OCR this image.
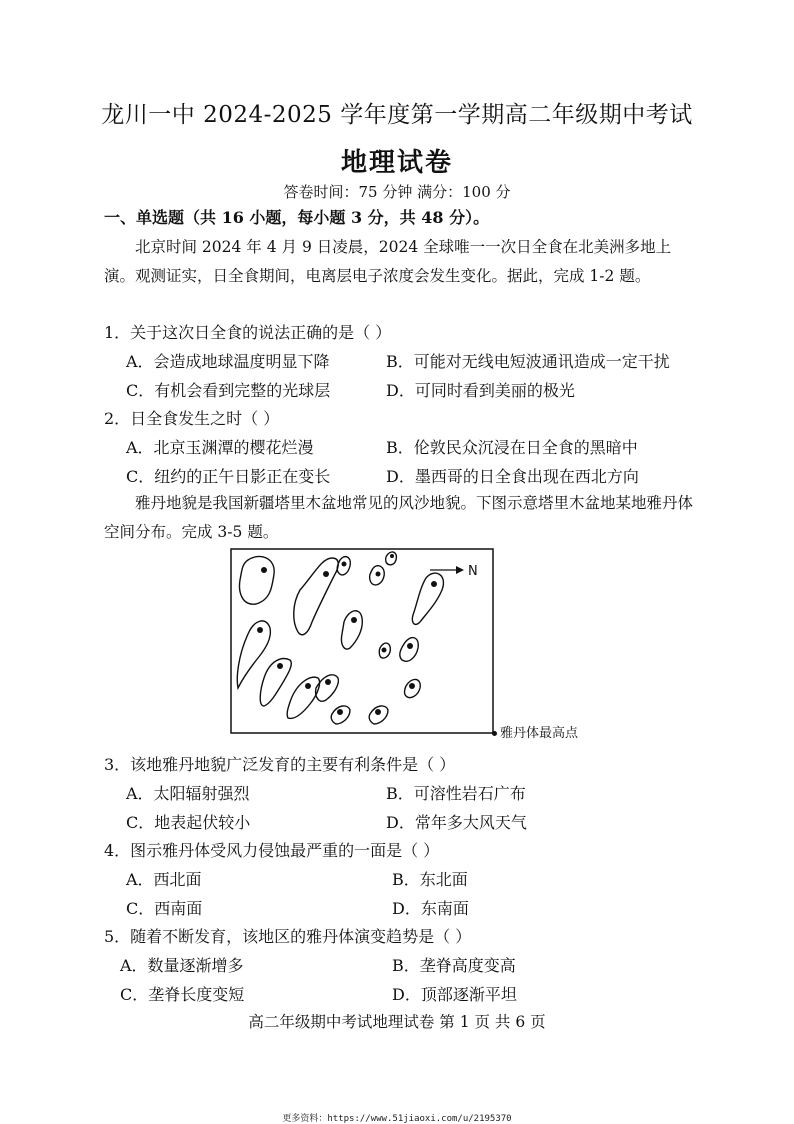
龙川一中 2024-2025 学年度第一学期高二年级期中考试
地理试卷
答卷时间：75 分钟 满分：100 分
一、单选题（共 16 小题，每小题 3 分，共 48 分）。
北京时间 2024 年 4 月 9 日凌晨，2024 全球唯一一次日全食在北美洲多地上演。观测证实，日全食期间，电离层电子浓度会发生变化。据此，完成 1-2 题。
1．关于这次日全食的说法正确的是（ ）
A．会造成地球温度明显下降	B．可能对无线电短波通讯造成一定干扰
C．有机会看到完整的光球层	D．可同时看到美丽的极光
2．日全食发生之时（ ）
A．北京玉渊潭的樱花烂漫	B．伦敦民众沉浸在日全食的黑暗中
C．纽约的正午日影正在变长	D．墨西哥的日全食出现在西北方向
雅丹地貌是我国新疆塔里木盆地常见的风沙地貌。下图示意塔里木盆地某地雅丹体空间分布。完成 3-5 题。
N
雅丹体最高点
3．该地雅丹地貌广泛发育的主要有利条件是（ ）
A．太阳辐射强烈	B．可溶性岩石广布
C．地表起伏较小	D．常年多大风天气
4．图示雅丹体受风力侵蚀最严重的一面是（ ）
A．西北面	B．东北面
C．西南面	D．东南面
5．随着不断发育，该地区的雅丹体演变趋势是（ ）
A．数量逐渐增多	B．垄脊高度变高
C．垄脊长度变短	D．顶部逐渐平坦
高二年级期中考试地理试卷 第 1 页 共 6 页
更多资料：https://www.51jiaoxi.com/u/2195370
